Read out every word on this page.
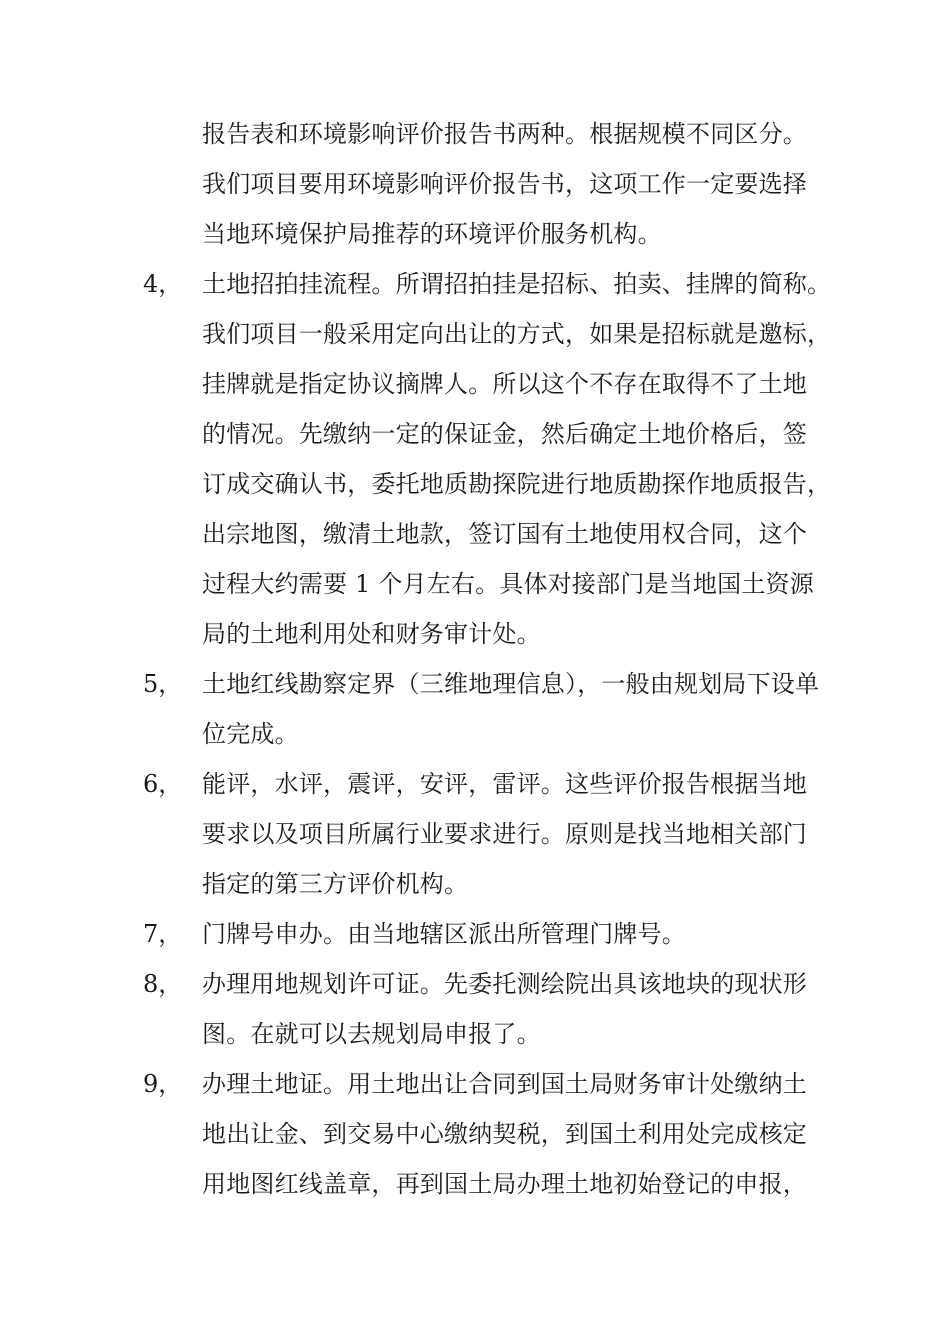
报告表和环境影响评价报告书两种。根据规模不同区分。
我们项目要用环境影响评价报告书，这项工作一定要选择
当地环境保护局推荐的环境评价服务机构。
4， 土地招拍挂流程。所谓招拍挂是招标、拍卖、挂牌的简称。
我们项目一般采用定向出让的方式，如果是招标就是邀标，
挂牌就是指定协议摘牌人。所以这个不存在取得不了土地
的情况。先缴纳一定的保证金，然后确定土地价格后，签
订成交确认书，委托地质勘探院进行地质勘探作地质报告，
出宗地图，缴清土地款，签订国有土地使用权合同，这个
过程大约需要 1 个月左右。具体对接部门是当地国土资源
局的土地利用处和财务审计处。
5， 土地红线勘察定界（三维地理信息），一般由规划局下设单
位完成。
6， 能评，水评，震评，安评，雷评。这些评价报告根据当地
要求以及项目所属行业要求进行。原则是找当地相关部门
指定的第三方评价机构。
7， 门牌号申办。由当地辖区派出所管理门牌号。
8， 办理用地规划许可证。先委托测绘院出具该地块的现状形
图。在就可以去规划局申报了。
9， 办理土地证。用土地出让合同到国土局财务审计处缴纳土
地出让金、到交易中心缴纳契税，到国土利用处完成核定
用地图红线盖章，再到国土局办理土地初始登记的申报，
